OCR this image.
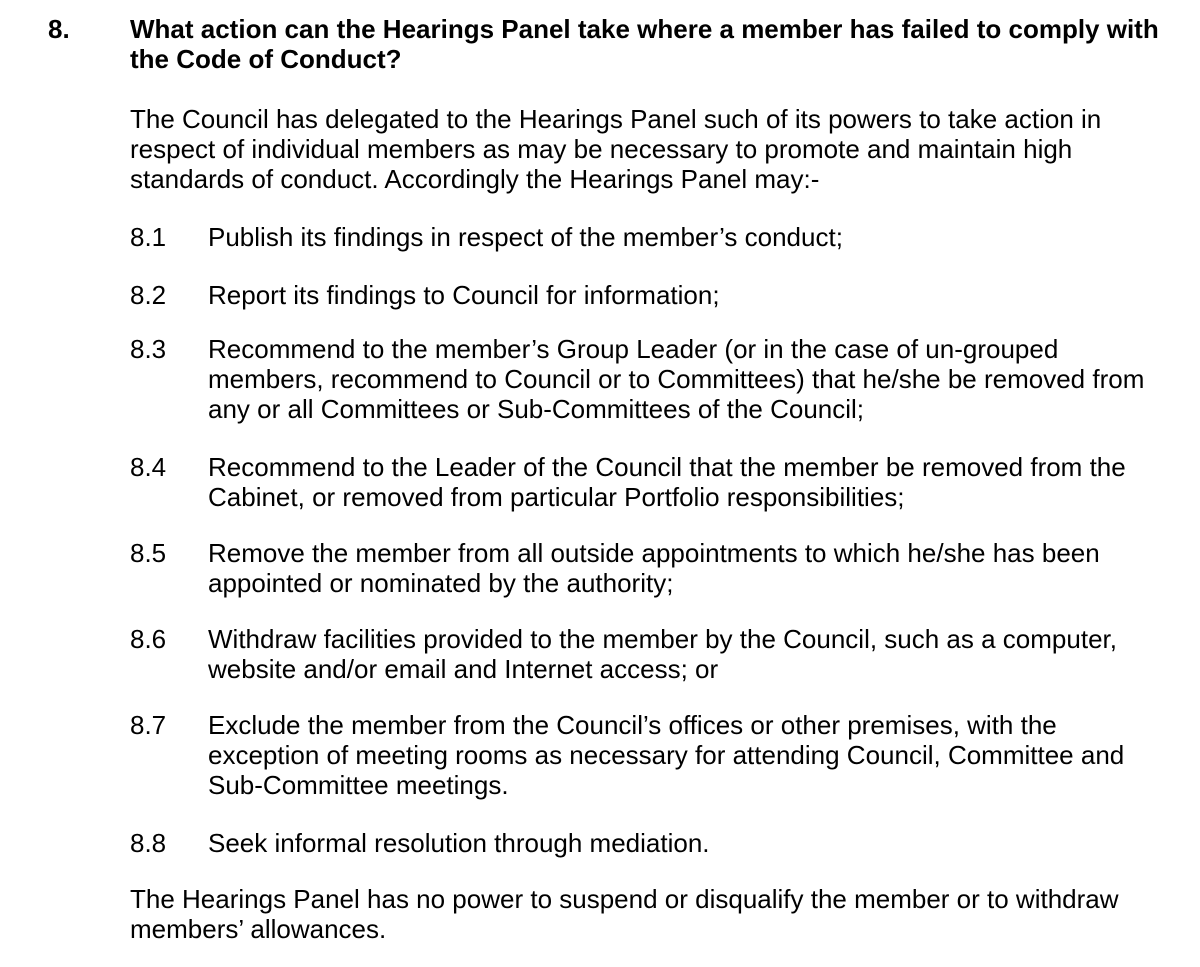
8. What action can the Hearings Panel take where a member has failed to comply with the Code of Conduct?

The Council has delegated to the Hearings Panel such of its powers to take action in respect of individual members as may be necessary to promote and maintain high standards of conduct. Accordingly the Hearings Panel may:-

8.1	Publish its findings in respect of the member’s conduct;
8.2	Report its findings to Council for information;
8.3	Recommend to the member’s Group Leader (or in the case of un-grouped members, recommend to Council or to Committees) that he/she be removed from any or all Committees or Sub-Committees of the Council;
8.4	Recommend to the Leader of the Council that the member be removed from the Cabinet, or removed from particular Portfolio responsibilities;
8.5	Remove the member from all outside appointments to which he/she has been appointed or nominated by the authority;
8.6	Withdraw facilities provided to the member by the Council, such as a computer, website and/or email and Internet access; or
8.7	Exclude the member from the Council’s offices or other premises, with the exception of meeting rooms as necessary for attending Council, Committee and Sub-Committee meetings.
8.8	Seek informal resolution through mediation.

The Hearings Panel has no power to suspend or disqualify the member or to withdraw members’ allowances.
